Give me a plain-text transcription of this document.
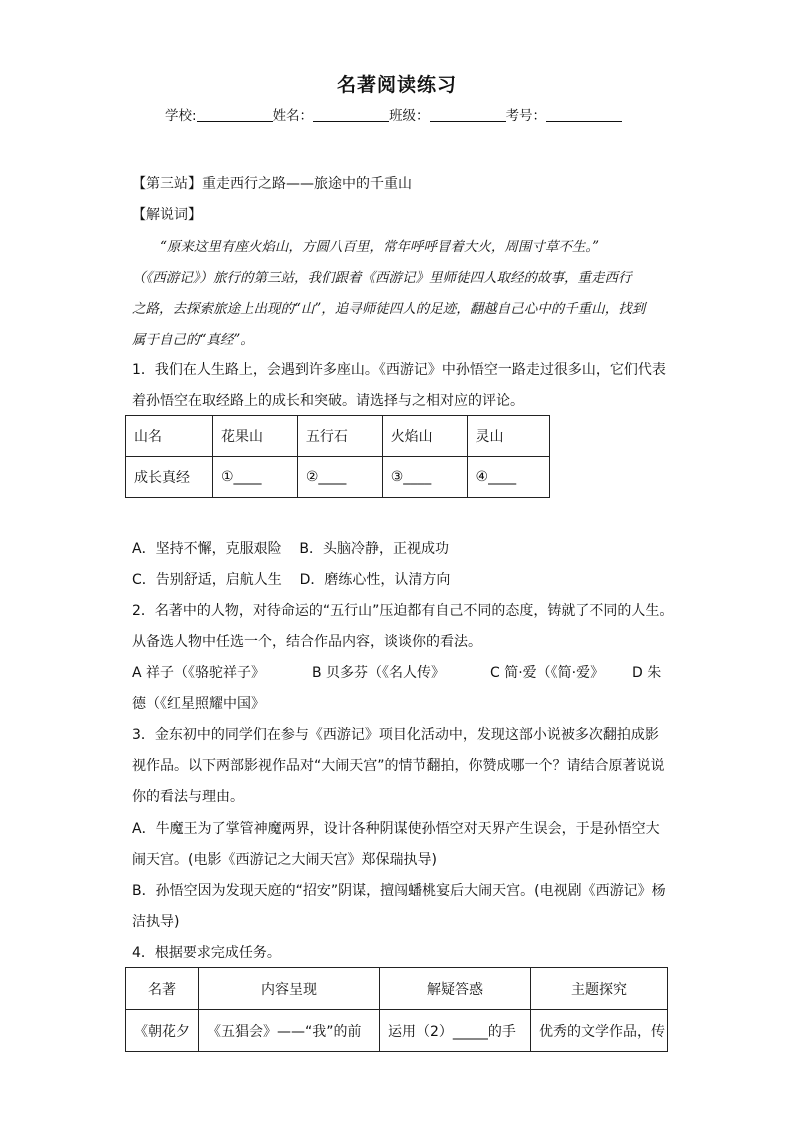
名著阅读练习
学校:	姓名：	班级：	考号：
【第三站】重走西行之路——旅途中的千重山
【解说词】
“原来这里有座火焰山，方圆八百里，常年呼呼冒着大火，周围寸草不生。”
（《西游记》）旅行的第三站，我们跟着《西游记》里师徒四人取经的故事，重走西行
之路，去探索旅途上出现的“山”，追寻师徒四人的足迹，翻越自己心中的千重山，找到
属于自己的“真经”。
1．我们在人生路上，会遇到许多座山。《西游记》中孙悟空一路走过很多山，它们代表
着孙悟空在取经路上的成长和突破。请选择与之相对应的评论。
山名	花果山	五行石	火焰山	灵山
成长真经	①____	②____	③____	④____
A．坚持不懈，克服艰险    B．头脑冷静，正视成功
C．告别舒适，启航人生    D．磨练心性，认清方向
2．名著中的人物，对待命运的“五行山”压迫都有自己不同的态度，铸就了不同的人生。
从备选人物中任选一个，结合作品内容，谈谈你的看法。
A 祥子（《骆驼祥子》	B 贝多芬（《名人传》	C 简·爱（《简·爱》 D 朱
德（《红星照耀中国》
3．金东初中的同学们在参与《西游记》项目化活动中，发现这部小说被多次翻拍成影
视作品。以下两部影视作品对“大闹天宫”的情节翻拍，你赞成哪一个？请结合原著说说
你的看法与理由。
A．牛魔王为了掌管神魔两界，设计各种阴谋使孙悟空对天界产生误会，于是孙悟空大
闹天宫。(电影《西游记之大闹天宫》郑保瑞执导)
B．孙悟空因为发现天庭的“招安”阴谋，擅闯蟠桃宴后大闹天宫。(电视剧《西游记》杨
洁执导)
4．根据要求完成任务。
名著	内容呈现	解疑答惑	主题探究
《朝花夕	《五猖会》——“我”的前	运用（2）_____的手	优秀的文学作品，传
